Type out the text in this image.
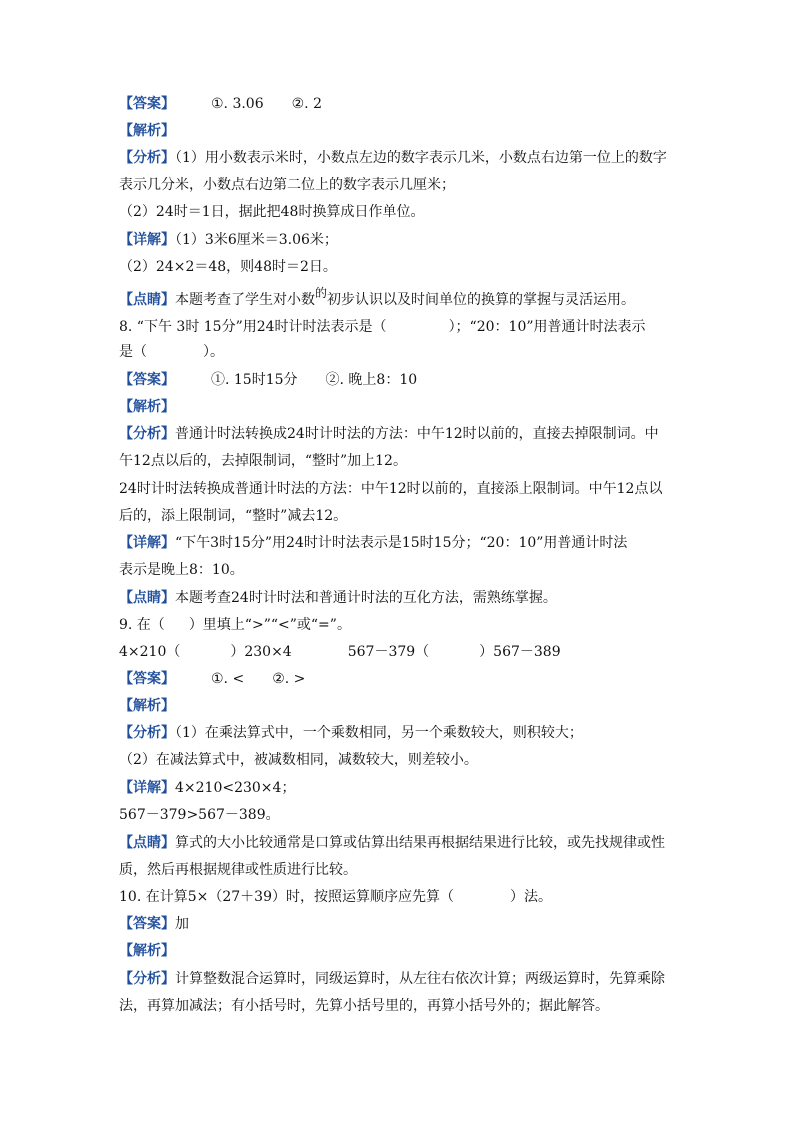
【答案】	①. 3.06 ②. 2
【解析】
【分析】（1）用小数表示米时，小数点左边的数字表示几米，小数点右边第一位上的数字
表示几分米，小数点右边第二位上的数字表示几厘米；
（2）24时＝1日，据此把48时换算成日作单位。
【详解】（1）3米6厘米＝3.06米；
（2）24×2＝48，则48时＝2日。
【点睛】本题考查了学生对小数的初步认识以及时间单位的换算的掌握与灵活运用。
8. “下午 3时 15分”用24时计时法表示是（	）；“20：10”用普通计时法表示
是（	）。
【答案】	①. 15时15分 ②. 晚上8：10
【解析】
【分析】普通计时法转换成24时计时法的方法：中午12时以前的，直接去掉限制词。中
午12点以后的，去掉限制词，“整时”加上12。
24时计时法转换成普通计时法的方法：中午12时以前的，直接添上限制词。中午12点以
后的，添上限制词，“整时”减去12。
【详解】“下午3时15分”用24时计时法表示是15时15分；“20：10”用普通计时法
表示是晚上8：10。
【点睛】本题考查24时计时法和普通计时法的互化方法，需熟练掌握。
9. 在（ ）里填上“>”“<”或“=”。
4×210（	）230×4	567－379（	）567－389
【答案】	①. < ②. >
【解析】
【分析】（1）在乘法算式中，一个乘数相同，另一个乘数较大，则积较大；
（2）在减法算式中，被减数相同，减数较大，则差较小。
【详解】4×210<230×4；
567－379>567－389。
【点睛】算式的大小比较通常是口算或估算出结果再根据结果进行比较，或先找规律或性
质，然后再根据规律或性质进行比较。
10. 在计算5×（27＋39）时，按照运算顺序应先算（	）法。
【答案】加
【解析】
【分析】计算整数混合运算时，同级运算时，从左往右依次计算；两级运算时，先算乘除
法，再算加减法；有小括号时，先算小括号里的，再算小括号外的；据此解答。
